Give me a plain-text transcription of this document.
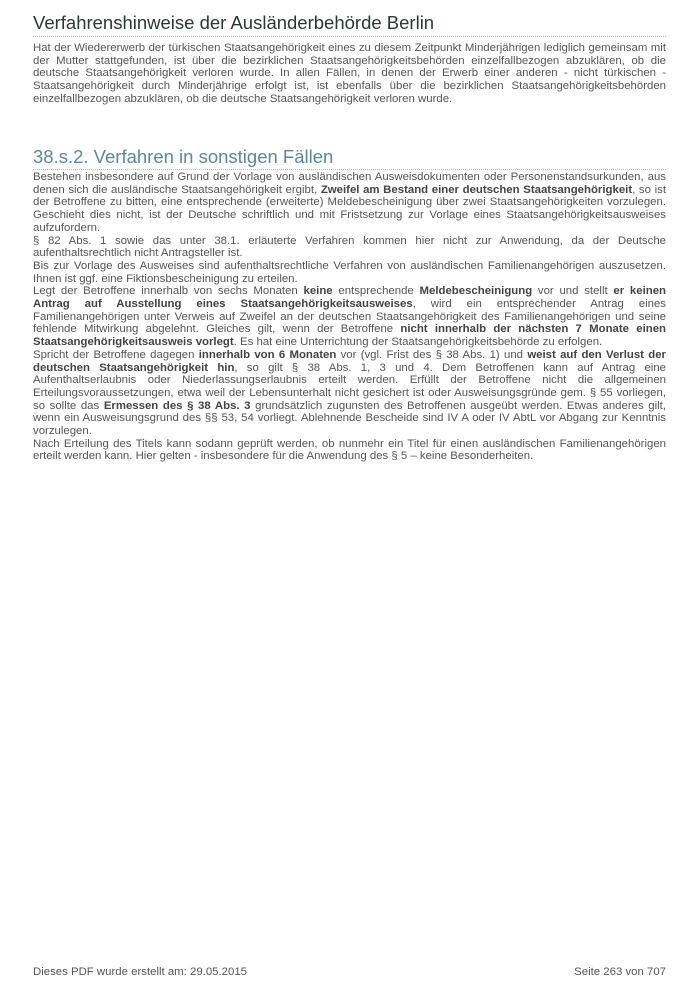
Verfahrenshinweise der Ausländerbehörde Berlin

Hat der Wiedererwerb der türkischen Staatsangehörigkeit eines zu diesem Zeitpunkt Minderjährigen lediglich gemeinsam mit der Mutter stattgefunden, ist über die bezirklichen Staatsangehörigkeitsbehörden einzelfallbezogen abzuklären, ob die deutsche Staatsangehörigkeit verloren wurde. In allen Fällen, in denen der Erwerb einer anderen - nicht türkischen - Staatsangehörigkeit durch Minderjährige erfolgt ist, ist ebenfalls über die bezirklichen Staatsangehörigkeitsbehörden einzelfallbezogen abzuklären, ob die deutsche Staatsangehörigkeit verloren wurde.

38.s.2. Verfahren in sonstigen Fällen

Bestehen insbesondere auf Grund der Vorlage von ausländischen Ausweisdokumenten oder Personenstandsurkunden, aus denen sich die ausländische Staatsangehörigkeit ergibt, Zweifel am Bestand einer deutschen Staatsangehörigkeit, so ist der Betroffene zu bitten, eine entsprechende (erweiterte) Meldebescheinigung über zwei Staatsangehörigkeiten vorzulegen. Geschieht dies nicht, ist der Deutsche schriftlich und mit Fristsetzung zur Vorlage eines Staatsangehörigkeitsausweises aufzufordern.

§ 82 Abs. 1 sowie das unter 38.1. erläuterte Verfahren kommen hier nicht zur Anwendung, da der Deutsche aufenthaltsrechtlich nicht Antragsteller ist.

Bis zur Vorlage des Ausweises sind aufenthaltsrechtliche Verfahren von ausländischen Familienangehörigen auszusetzen. Ihnen ist ggf. eine Fiktionsbescheinigung zu erteilen.

Legt der Betroffene innerhalb von sechs Monaten keine entsprechende Meldebescheinigung vor und stellt er keinen Antrag auf Ausstellung eines Staatsangehörigkeitsausweises, wird ein entsprechender Antrag eines Familienangehörigen unter Verweis auf Zweifel an der deutschen Staatsangehörigkeit des Familienangehörigen und seine fehlende Mitwirkung abgelehnt. Gleiches gilt, wenn der Betroffene nicht innerhalb der nächsten 7 Monate einen Staatsangehörigkeitsausweis vorlegt. Es hat eine Unterrichtung der Staatsangehörigkeitsbehörde zu erfolgen.

Spricht der Betroffene dagegen innerhalb von 6 Monaten vor (vgl. Frist des § 38 Abs. 1) und weist auf den Verlust der deutschen Staatsangehörigkeit hin, so gilt § 38 Abs. 1, 3 und 4. Dem Betroffenen kann auf Antrag eine Aufenthaltserlaubnis oder Niederlassungserlaubnis erteilt werden. Erfüllt der Betroffene nicht die allgemeinen Erteilungsvoraussetzungen, etwa weil der Lebensunterhalt nicht gesichert ist oder Ausweisungsgründe gem. § 55 vorliegen, so sollte das Ermessen des § 38 Abs. 3 grundsätzlich zugunsten des Betroffenen ausgeübt werden. Etwas anderes gilt, wenn ein Ausweisungsgrund des §§ 53, 54 vorliegt. Ablehnende Bescheide sind IV A oder IV AbtL vor Abgang zur Kenntnis vorzulegen.

Nach Erteilung des Titels kann sodann geprüft werden, ob nunmehr ein Titel für einen ausländischen Familienangehörigen erteilt werden kann. Hier gelten - insbesondere für die Anwendung des § 5 – keine Besonderheiten.

Dieses PDF wurde erstellt am: 29.05.2015	Seite 263 von 707
